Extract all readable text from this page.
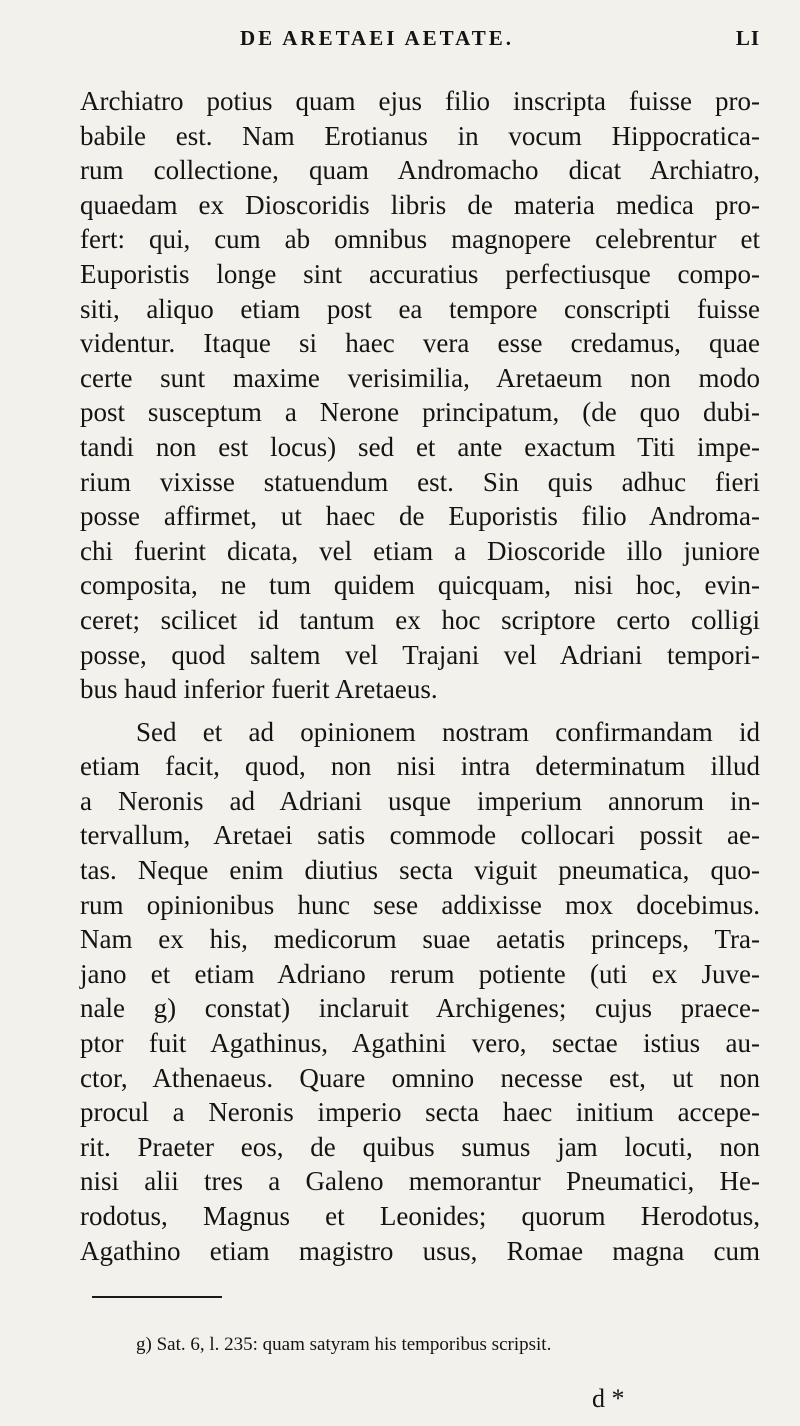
DE ARETAEI AETATE.	LI
Archiatro potius quam ejus filio inscripta fuisse pro-
babile est. Nam Erotianus in vocum Hippocratica-
rum collectione, quam Andromacho dicat Archiatro,
quaedam ex Dioscoridis libris de materia medica pro-
fert: qui, cum ab omnibus magnopere celebrentur et
Euporistis longe sint accuratius perfectiusque compo-
siti, aliquo etiam post ea tempore conscripti fuisse
videntur. Itaque si haec vera esse credamus, quae
certe sunt maxime verisimilia, Aretaeum non modo
post susceptum a Nerone principatum, (de quo dubi-
tandi non est locus) sed et ante exactum Titi impe-
rium vixisse statuendum est. Sin quis adhuc fieri
posse affirmet, ut haec de Euporistis filio Androma-
chi fuerint dicata, vel etiam a Dioscoride illo juniore
composita, ne tum quidem quicquam, nisi hoc, evin-
ceret; scilicet id tantum ex hoc scriptore certo colligi
posse, quod saltem vel Trajani vel Adriani tempori-
bus haud inferior fuerit Aretaeus.
Sed et ad opinionem nostram confirmandam id
etiam facit, quod, non nisi intra determinatum illud
a Neronis ad Adriani usque imperium annorum in-
tervallum, Aretaei satis commode collocari possit ae-
tas. Neque enim diutius secta viguit pneumatica, quo-
rum opinionibus hunc sese addixisse mox docebimus.
Nam ex his, medicorum suae aetatis princeps, Tra-
jano et etiam Adriano rerum potiente (uti ex Juve-
nale g) constat) inclaruit Archigenes; cujus praece-
ptor fuit Agathinus, Agathini vero, sectae istius au-
ctor, Athenaeus. Quare omnino necesse est, ut non
procul a Neronis imperio secta haec initium accepe-
rit. Praeter eos, de quibus sumus jam locuti, non
nisi alii tres a Galeno memorantur Pneumatici, He-
rodotus, Magnus et Leonides; quorum Herodotus,
Agathino etiam magistro usus, Romae magna cum
g) Sat. 6, l. 235: quam satyram his temporibus scripsit.
d *
